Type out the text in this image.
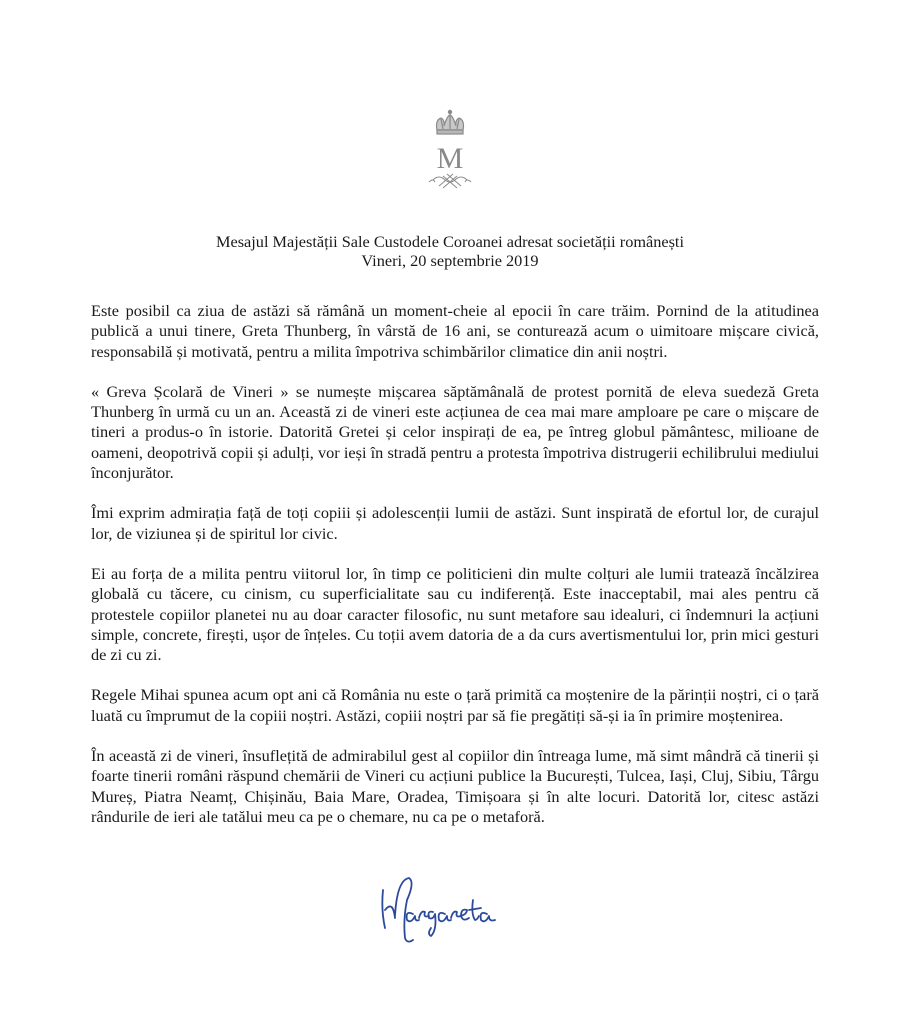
M
Mesajul Majestății Sale Custodele Coroanei adresat societății românești
Vineri, 20 septembrie 2019

Este posibil ca ziua de astăzi să rămână un moment-cheie al epocii în care trăim. Pornind de la atitudinea publică a unui tinere, Greta Thunberg, în vârstă de 16 ani, se conturează acum o uimitoare mișcare civică, responsabilă și motivată, pentru a milita împotriva schimbărilor climatice din anii noștri.

« Greva Școlară de Vineri » se numește mișcarea săptămânală de protest pornită de eleva suedeză Greta Thunberg în urmă cu un an. Această zi de vineri este acțiunea de cea mai mare amploare pe care o mișcare de tineri a produs-o în istorie. Datorită Gretei și celor inspirați de ea, pe întreg globul pământesc, milioane de oameni, deopotrivă copii și adulți, vor ieși în stradă pentru a protesta împotriva distrugerii echilibrului mediului înconjurător.

Îmi exprim admirația față de toți copiii și adolescenții lumii de astăzi. Sunt inspirată de efortul lor, de curajul lor, de viziunea și de spiritul lor civic.

Ei au forța de a milita pentru viitorul lor, în timp ce politicieni din multe colțuri ale lumii tratează încălzirea globală cu tăcere, cu cinism, cu superficialitate sau cu indiferență. Este inacceptabil, mai ales pentru că protestele copiilor planetei nu au doar caracter filosofic, nu sunt metafore sau idealuri, ci îndemnuri la acțiuni simple, concrete, firești, ușor de înțeles. Cu toții avem datoria de a da curs avertismentului lor, prin mici gesturi de zi cu zi.

Regele Mihai spunea acum opt ani că România nu este o țară primită ca moștenire de la părinții noștri, ci o țară luată cu împrumut de la copiii noștri. Astăzi, copiii noștri par să fie pregătiți să-și ia în primire moștenirea.

În această zi de vineri, însuflețită de admirabilul gest al copiilor din întreaga lume, mă simt mândră că tinerii și foarte tinerii români răspund chemării de Vineri cu acțiuni publice la București, Tulcea, Iași, Cluj, Sibiu, Târgu Mureș, Piatra Neamț, Chișinău, Baia Mare, Oradea, Timișoara și în alte locuri. Datorită lor, citesc astăzi rândurile de ieri ale tatălui meu ca pe o chemare, nu ca pe o metaforă.
